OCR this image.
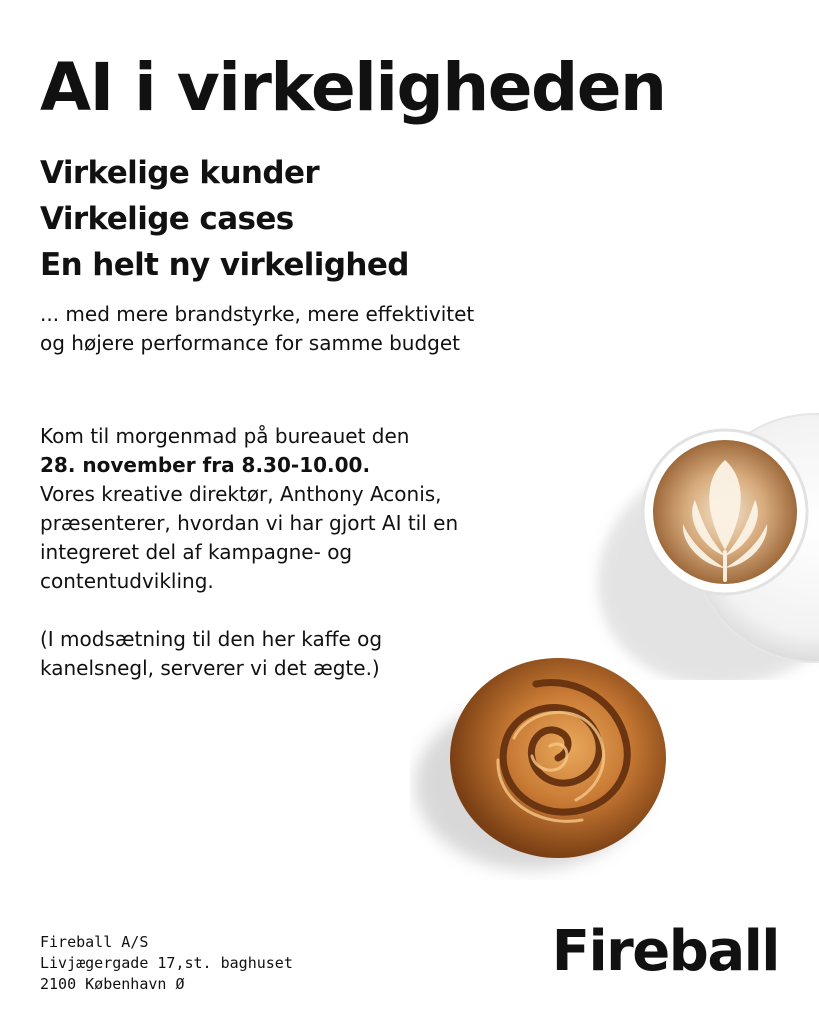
AI i virkeligheden
Virkelige kunder
Virkelige cases
En helt ny virkelighed
... med mere brandstyrke, mere effektivitet
og højere performance for samme budget
Kom til morgenmad på bureauet den
28. november fra 8.30-10.00.
Vores kreative direktør, Anthony Aconis,
præsenterer, hvordan vi har gjort AI til en
integreret del af kampagne- og
contentudvikling.
(I modsætning til den her kaffe og
kanelsnegl, serverer vi det ægte.)
Fireball A/S
Livjægergade 17,st. baghuset
2100 København Ø	Fireball
